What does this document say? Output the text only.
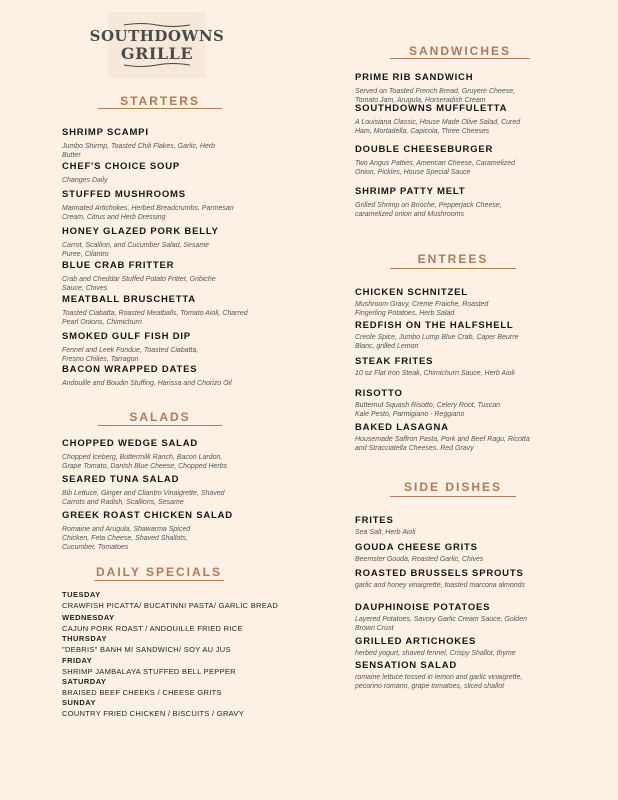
SOUTHDOWNS
GRILLE
STARTERS
SHRIMP SCAMPI
Jumbo Shirmp, Toasted Chili Flakes, Garlic, Herb Butter
CHEF'S CHOICE SOUP
Changes Daily
STUFFED MUSHROOMS
Marinated Artichokes, Herbed Breadcrumbs, Parmesan Cream, Citrus and Herb Dressing
HONEY GLAZED PORK BELLY
Carrot, Scallion, and Cucumber Salad, Sesame Puree, Cilantro
BLUE CRAB FRITTER
Crab and Cheddar Stuffed Potato Fritter, Gribiche Sauce, Chives
MEATBALL BRUSCHETTA
Toasted Ciabatta, Roasted Meatballs, Tomato Aioli, Charred Pearl Onions, Chimichurri
SMOKED GULF FISH DIP
Fennel and Leek Fondue, Toasted Ciabatta, Fresno Chilies, Tarragon
BACON WRAPPED DATES
Andouille and Boudin Stuffing, Harissa and Chorizo Oil
SALADS
CHOPPED WEDGE SALAD
Chopped Iceberg, Buttermilk Ranch, Bacon Lardon, Grape Tomato, Danish Blue Cheese, Chopped Herbs
SEARED TUNA SALAD
Bib Lettuce, Ginger and Cliantro Vinaigrette, Shaved Carrots and Radish, Scallions, Sesame
GREEK ROAST CHICKEN SALAD
Romaine and Arugula, Shawarma Spiced Chicken, Feta Cheese, Shaved Shallots, Cucumber, Tomatoes
DAILY SPECIALS
TUESDAY
CRAWFISH PICATTA/ BUCATINNI PASTA/ GARLIC BREAD
WEDNESDAY
CAJUN PORK ROAST / ANDOUILLE FRIED RICE
THURSDAY
"DEBRIS" BANH MI SANDWICH/ SOY AU JUS
FRIDAY
SHRIMP JAMBALAYA STUFFED BELL PEPPER
SATURDAY
BRAISED BEEF CHEEKS / CHEESE GRITS
SUNDAY
COUNTRY FRIED CHICKEN / BISCUITS / GRAVY
SANDWICHES
PRIME RIB SANDWICH
Served on Toasted French Bread, Gruyere Cheese, Tomato Jam, Arugula, Horseradish Cream
SOUTHDOWNS MUFFULETTA
A Louisiana Classic, House Made Olive Salad, Cured Ham, Mortadella, Capicola, Three Cheeses
DOUBLE CHEESEBURGER
Two Angus Patties, American Cheese, Caramelized Onion, Pickles, House Special Sauce
SHRIMP PATTY MELT
Grilled Shrimp on Brioche, Pepperjack Cheese, caramelized onion and Mushrooms
ENTREES
CHICKEN SCHNITZEL
Mushroom Gravy, Creme Fraiche, Roasted Fingerling Potatoes, Herb Salad
REDFISH ON THE HALFSHELL
Creole Spice, Jumbo Lump Blue Crab, Caper Beurre Blanc, grilled Lemon
STEAK FRITES
10 oz Flat Iron Steak, Chimichurri Sauce, Herb Aioli
RISOTTO
Butternut Squash Risotto, Celery Root, Tuscan Kale Pesto, Parmigiano - Reggiano
BAKED LASAGNA
Housemade Saffron Pasta, Pork and Beef Ragu, Ricotta and Stracciatella Cheeses, Red Gravy
SIDE DISHES
FRITES
Sea Salt, Herb Aioli
GOUDA CHEESE GRITS
Beemster Gouda, Roasted Garlic, Chives
ROASTED BRUSSELS SPROUTS
garlic and honey vinaigrette, toasted marcona almonds
DAUPHINOISE POTATOES
Layered Potatoes, Savory Garlic Cream Sauce, Golden Brown Crust
GRILLED ARTICHOKES
herbed yogurt, shaved fennel, Crispy Shallot, thyme
SENSATION SALAD
romaine lettuce tossed in lemon and garlic vinaigrette, pecorino romano, grape tomatoes, sliced shallot
